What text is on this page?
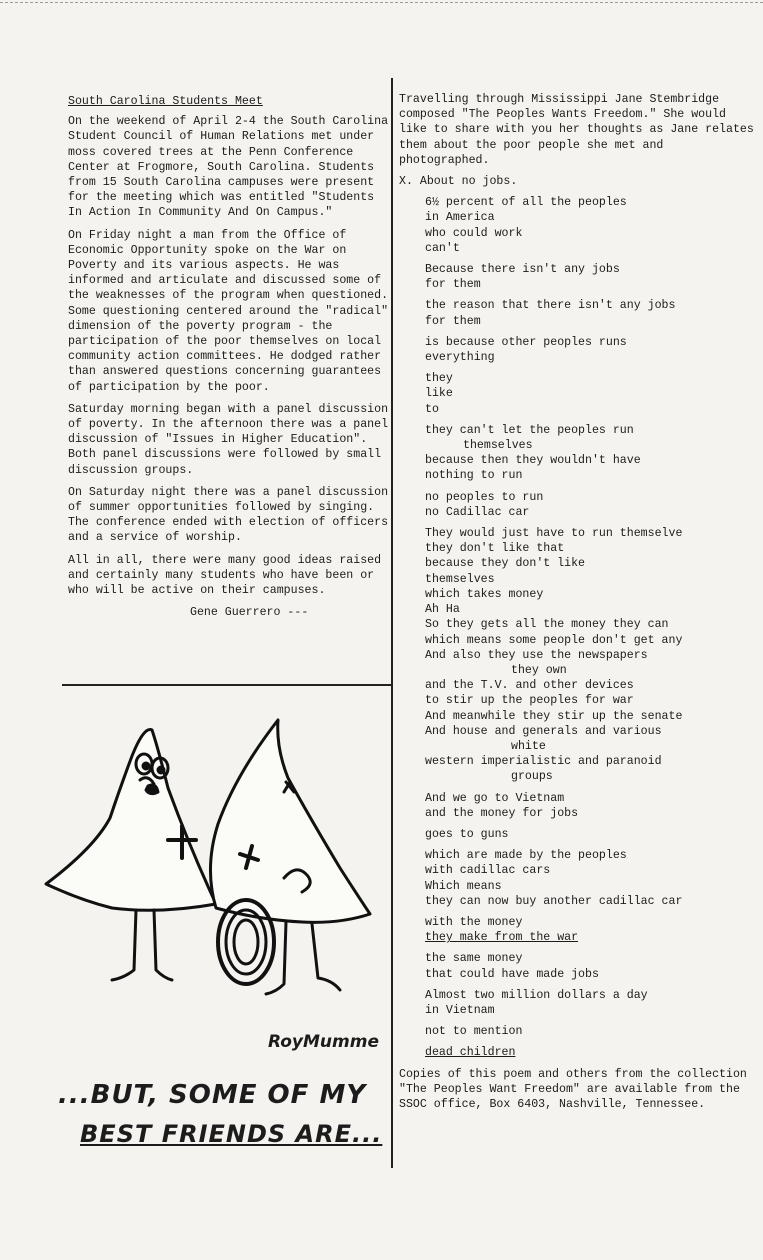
South Carolina Students Meet

On the weekend of April 2-4 the South Carolina Student Council of Human Relations met under moss covered trees at the Penn Conference Center at Frogmore, South Carolina. Students from 15 South Carolina campuses were present for the meeting which was entitled "Students In Action In Community And On Campus."

On Friday night a man from the Office of Economic Opportunity spoke on the War on Poverty and its various aspects. He was informed and articulate and discussed some of the weaknesses of the program when questioned. Some questioning centered around the "radical" dimension of the poverty program - the participation of the poor themselves on local community action committees. He dodged rather than answered questions concerning guarantees of participation by the poor.

Saturday morning began with a panel discussion of poverty. In the afternoon there was a panel discussion of "Issues in Higher Education". Both panel discussions were followed by small discussion groups.

On Saturday night there was a panel discussion of summer opportunities followed by singing. The conference ended with election of officers and a service of worship.

All in all, there were many good ideas raised and certainly many students who have been or who will be active on their campuses.

Gene Guerrero ---

RoyMumme
...BUT, SOME OF MY
BEST FRIENDS ARE...

Travelling through Mississippi Jane Stembridge composed "The Peoples Wants Freedom." She would like to share with you her thoughts as Jane relates them about the poor people she met and photographed.

X. About no jobs.

6½ percent of all the peoples
in America
who could work
can't
Because there isn't any jobs
for them
the reason that there isn't any jobs
for them
is because other peoples runs
everything
they
like
to
they can't let the peoples run
themselves
because then they wouldn't have
nothing to run
no peoples to run
no Cadillac car
They would just have to run themselve
they don't like that
because they don't like
themselves
which takes money
Ah Ha
So they gets all the money they can
which means some people don't get any
And also they use the newspapers
they own
and the T.V. and other devices
to stir up the peoples for war
And meanwhile they stir up the senate
And house and generals and various
white
western imperialistic and paranoid
groups
And we go to Vietnam
and the money for jobs
goes to guns
which are made by the peoples
with cadillac cars
Which means
they can now buy another cadillac car
with the money
they make from the war
the same money
that could have made jobs
Almost two million dollars a day
in Vietnam
not to mention
dead children

Copies of this poem and others from the collection "The Peoples Want Freedom" are available from the SSOC office, Box 6403, Nashville, Tennessee.
